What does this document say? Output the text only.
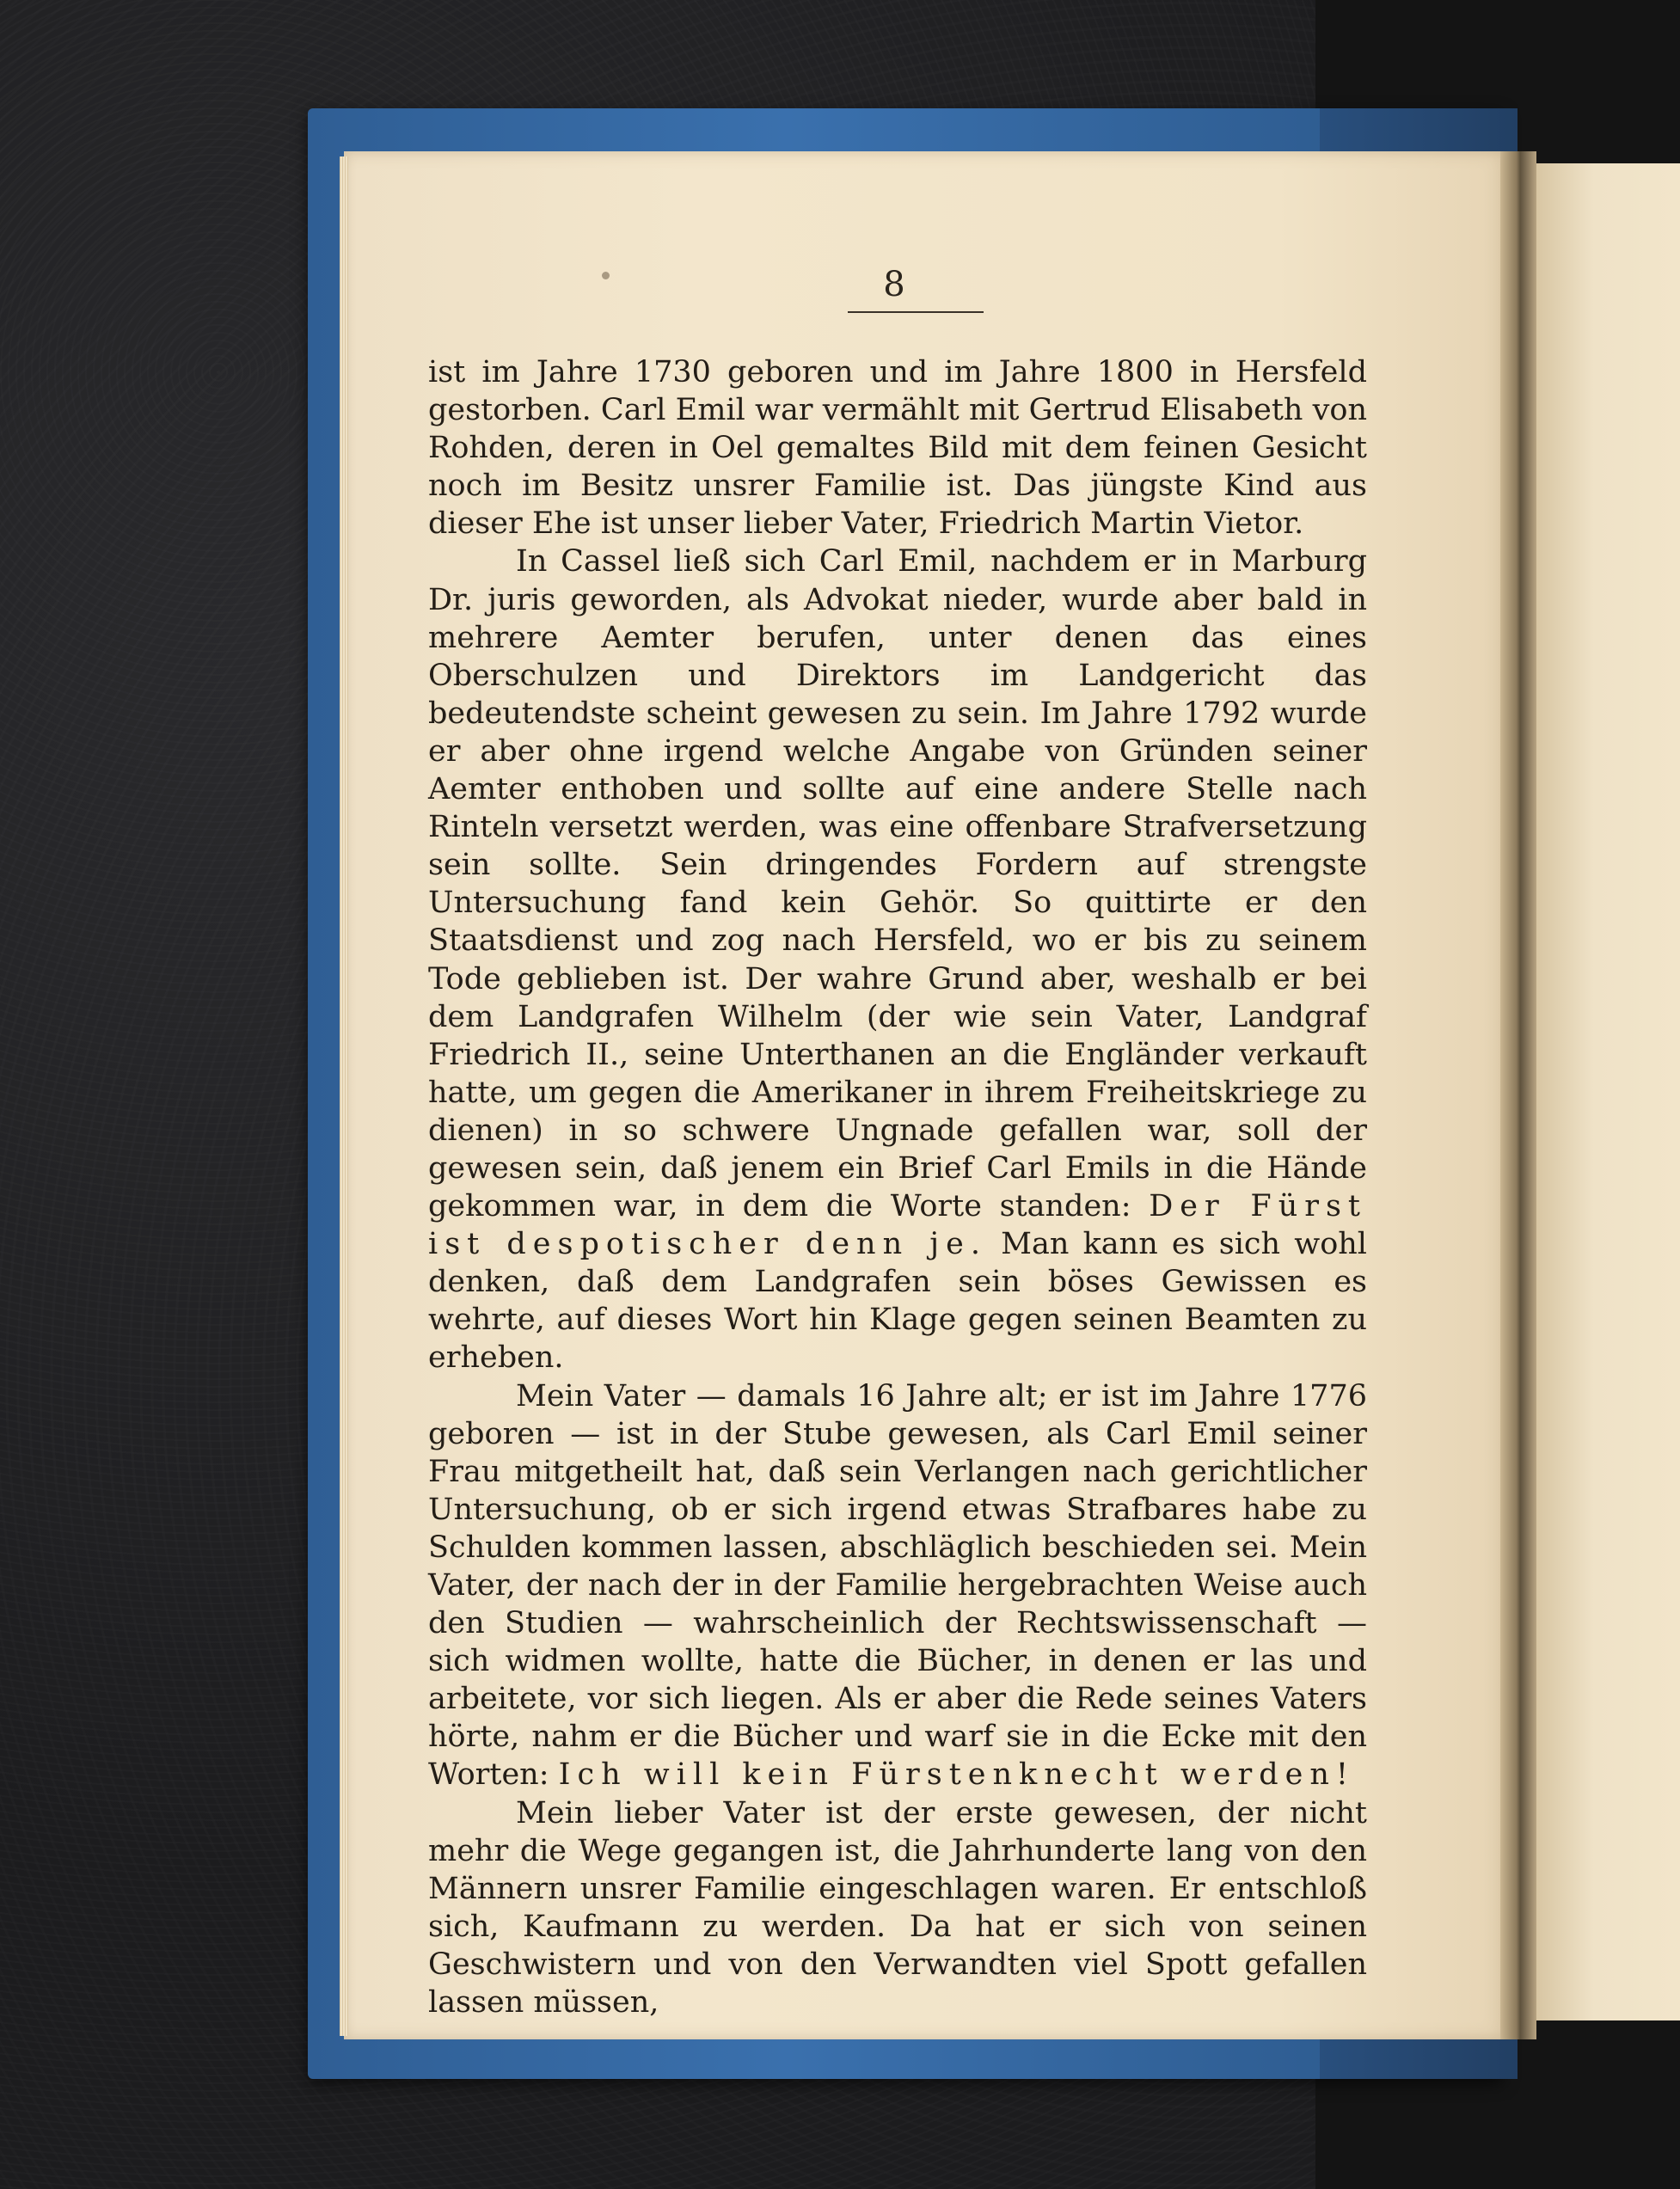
8

ist im Jahre 1730 geboren und im Jahre 1800 in Hersfeld gestorben. Carl Emil war vermählt mit Gertrud Elisabeth von Rohden, deren in Oel gemaltes Bild mit dem feinen Gesicht noch im Besitz unsrer Familie ist. Das jüngste Kind aus dieser Ehe ist unser lieber Vater, Friedrich Martin Vietor.

In Cassel ließ sich Carl Emil, nachdem er in Marburg Dr. juris geworden, als Advokat nieder, wurde aber bald in mehrere Aemter berufen, unter denen das eines Oberschulzen und Direktors im Landgericht das bedeutendste scheint gewesen zu sein. Im Jahre 1792 wurde er aber ohne irgend welche Angabe von Gründen seiner Aemter enthoben und sollte auf eine andere Stelle nach Rinteln versetzt werden, was eine offenbare Strafversetzung sein sollte. Sein dringendes Fordern auf strengste Untersuchung fand kein Gehör. So quittirte er den Staatsdienst und zog nach Hersfeld, wo er bis zu seinem Tode geblieben ist. Der wahre Grund aber, weshalb er bei dem Landgrafen Wilhelm (der wie sein Vater, Landgraf Friedrich II., seine Unterthanen an die Engländer verkauft hatte, um gegen die Amerikaner in ihrem Freiheitskriege zu dienen) in so schwere Ungnade gefallen war, soll der gewesen sein, daß jenem ein Brief Carl Emils in die Hände gekommen war, in dem die Worte standen: Der Fürst ist despotischer denn je. Man kann es sich wohl denken, daß dem Landgrafen sein böses Gewissen es wehrte, auf dieses Wort hin Klage gegen seinen Beamten zu erheben.

Mein Vater — damals 16 Jahre alt; er ist im Jahre 1776 geboren — ist in der Stube gewesen, als Carl Emil seiner Frau mitgetheilt hat, daß sein Verlangen nach gerichtlicher Untersuchung, ob er sich irgend etwas Strafbares habe zu Schulden kommen lassen, abschläglich beschieden sei. Mein Vater, der nach der in der Familie hergebrachten Weise auch den Studien — wahrscheinlich der Rechtswissenschaft — sich widmen wollte, hatte die Bücher, in denen er las und arbeitete, vor sich liegen. Als er aber die Rede seines Vaters hörte, nahm er die Bücher und warf sie in die Ecke mit den Worten: Ich will kein Fürstenknecht werden!

Mein lieber Vater ist der erste gewesen, der nicht mehr die Wege gegangen ist, die Jahrhunderte lang von den Männern unsrer Familie eingeschlagen waren. Er entschloß sich, Kaufmann zu werden. Da hat er sich von seinen Geschwistern und von den Verwandten viel Spott gefallen lassen müssen,
